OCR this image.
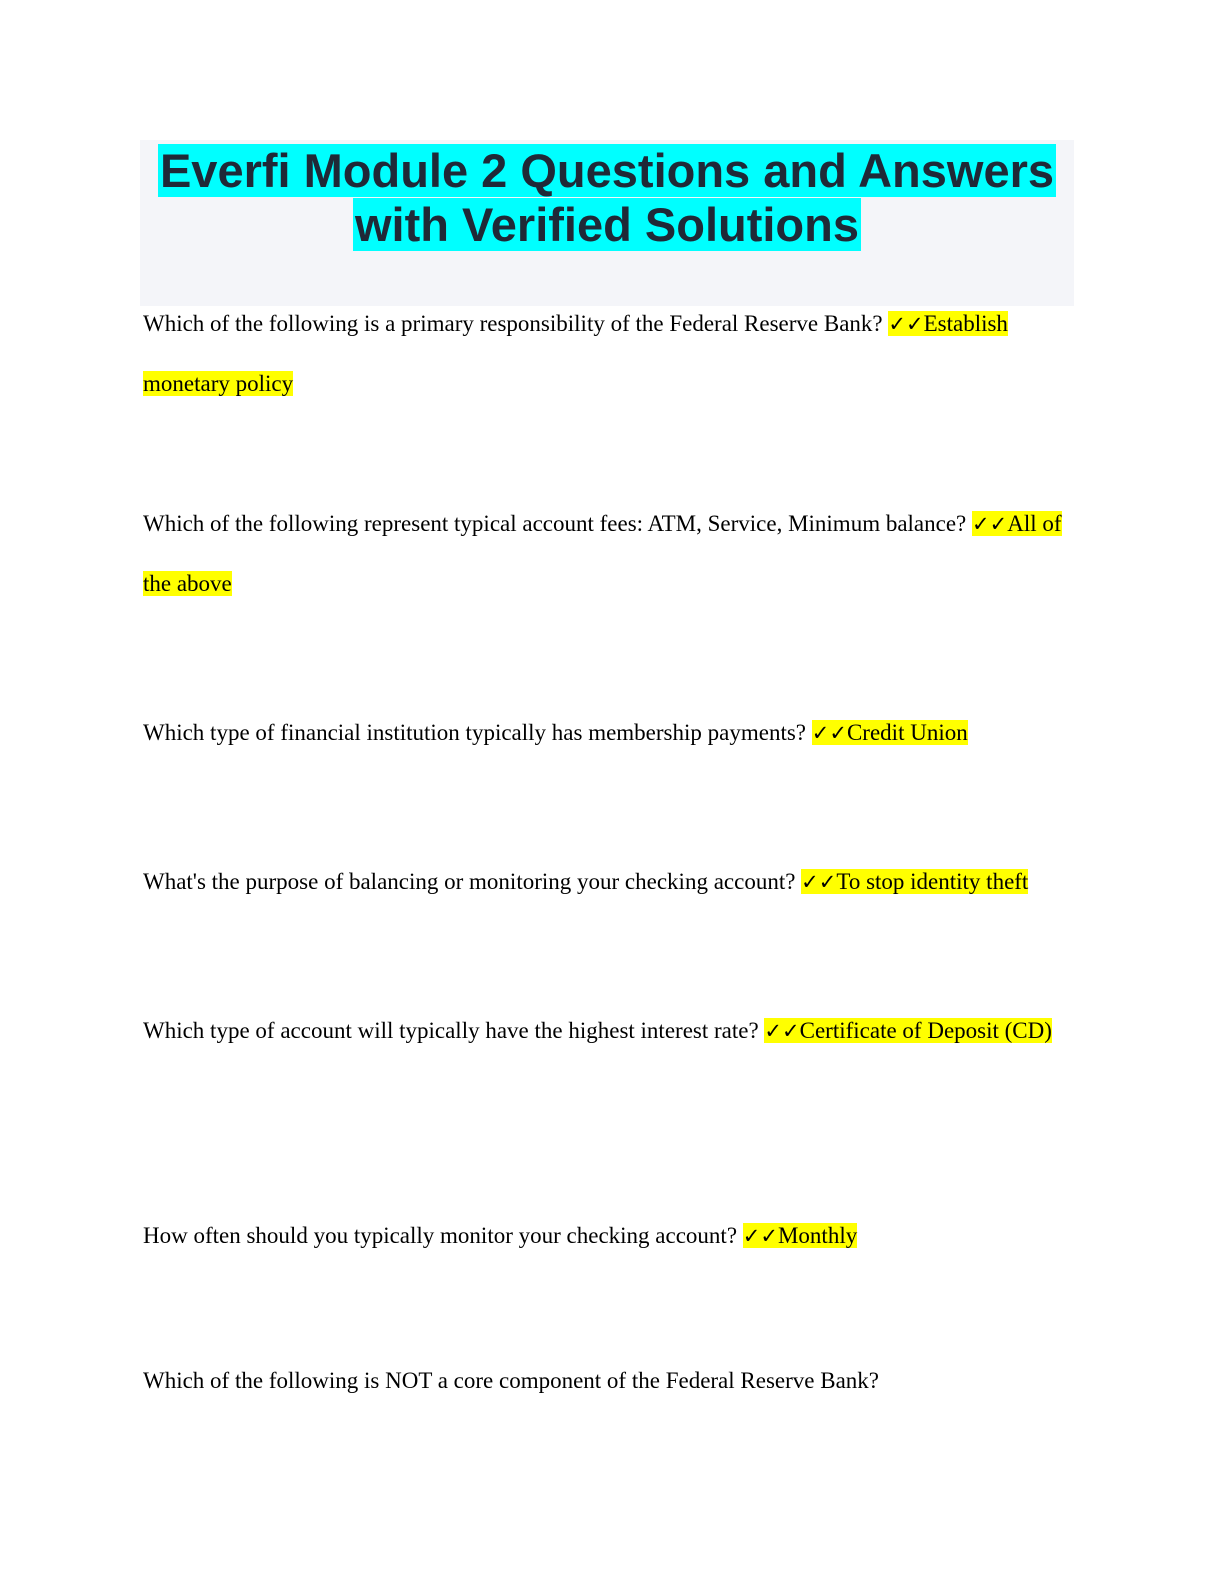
Everfi Module 2 Questions and Answers
with Verified Solutions
Which of the following is a primary responsibility of the Federal Reserve Bank? ✓✓Establish monetary policy
Which of the following represent typical account fees: ATM, Service, Minimum balance? ✓✓All of the above
Which type of financial institution typically has membership payments? ✓✓Credit Union
What's the purpose of balancing or monitoring your checking account? ✓✓To stop identity theft
Which type of account will typically have the highest interest rate? ✓✓Certificate of Deposit (CD)
How often should you typically monitor your checking account? ✓✓Monthly
Which of the following is NOT a core component of the Federal Reserve Bank?
